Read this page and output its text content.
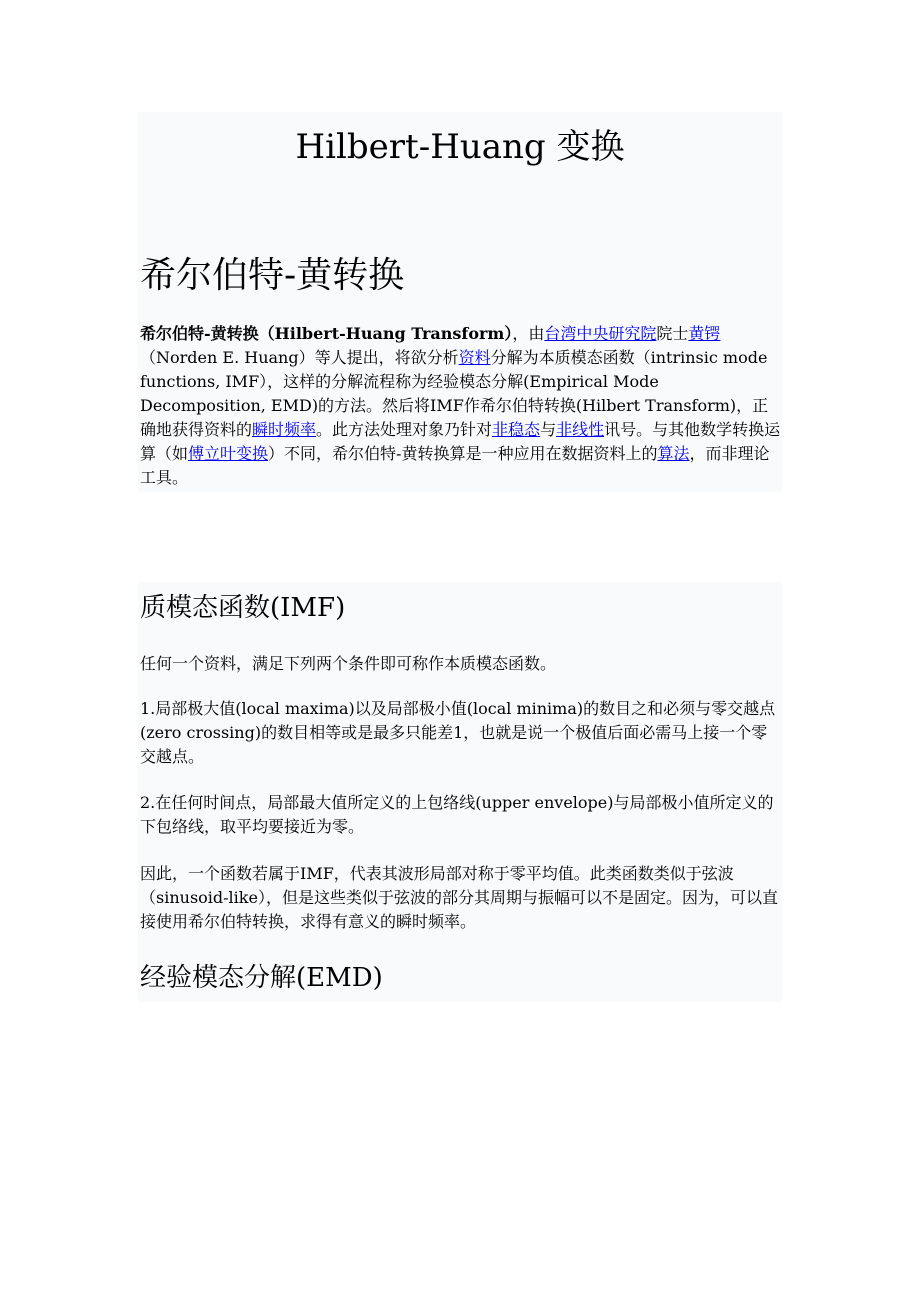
Hilbert-Huang 变换
希尔伯特-黄转换

希尔伯特-黄转换（Hilbert-Huang Transform），由台湾中央研究院院士黄锷（Norden E. Huang）等人提出，将欲分析资料分解为本质模态函数（intrinsic mode functions, IMF），这样的分解流程称为经验模态分解(Empirical Mode Decomposition, EMD)的方法。然后将IMF作希尔伯特转换(Hilbert Transform)，正确地获得资料的瞬时频率。此方法处理对象乃针对非稳态与非线性讯号。与其他数学转换运算（如傅立叶变换）不同，希尔伯特-黄转换算是一种应用在数据资料上的算法，而非理论工具。

质模态函数(IMF)

任何一个资料，满足下列两个条件即可称作本质模态函数。

1.局部极大值(local maxima)以及局部极小值(local minima)的数目之和必须与零交越点(zero crossing)的数目相等或是最多只能差1，也就是说一个极值后面必需马上接一个零交越点。

2.在任何时间点，局部最大值所定义的上包络线(upper envelope)与局部极小值所定义的下包络线，取平均要接近为零。

因此，一个函数若属于IMF，代表其波形局部对称于零平均值。此类函数类似于弦波（sinusoid-like），但是这些类似于弦波的部分其周期与振幅可以不是固定。因为，可以直接使用希尔伯特转换，求得有意义的瞬时频率。

经验模态分解(EMD)
